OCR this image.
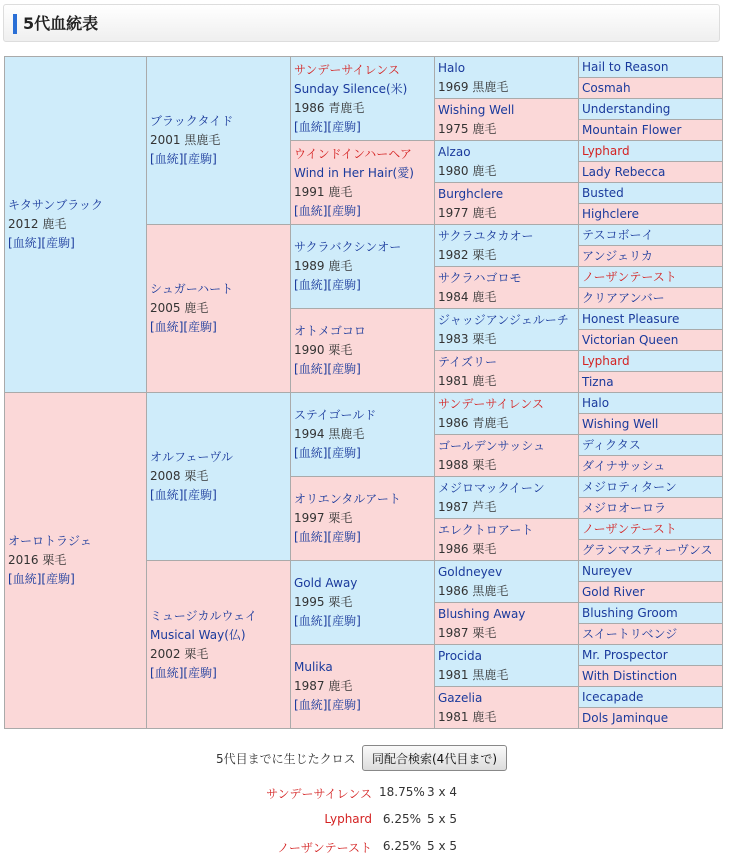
5代血統表
キタサンブラック
2012 鹿毛
[血統][産駒]	ブラックタイド
2001 黒鹿毛
[血統][産駒]	サンデーサイレンス
Sunday Silence(米)
1986 青鹿毛
[血統][産駒]	Halo
1969 黒鹿毛	Hail to Reason
				Cosmah
			Wishing Well
1975 鹿毛	Understanding
				Mountain Flower
		ウインドインハーヘア
Wind in Her Hair(愛)
1991 鹿毛
[血統][産駒]	Alzao
1980 鹿毛	Lyphard
				Lady Rebecca
			Burghclere
1977 鹿毛	Busted
				Highclere
	シュガーハート
2005 鹿毛
[血統][産駒]	サクラバクシンオー
1989 鹿毛
[血統][産駒]	サクラユタカオー
1982 栗毛	テスコボーイ
				アンジェリカ
			サクラハゴロモ
1984 鹿毛	ノーザンテースト
				クリアアンバー
		オトメゴコロ
1990 栗毛
[血統][産駒]	ジャッジアンジェルーチ
1983 栗毛	Honest Pleasure
				Victorian Queen
			テイズリー
1981 鹿毛	Lyphard
				Tizna
オーロトラジェ
2016 栗毛
[血統][産駒]	オルフェーヴル
2008 栗毛
[血統][産駒]	ステイゴールド
1994 黒鹿毛
[血統][産駒]	サンデーサイレンス
1986 青鹿毛	Halo
				Wishing Well
			ゴールデンサッシュ
1988 栗毛	ディクタス
				ダイナサッシュ
		オリエンタルアート
1997 栗毛
[血統][産駒]	メジロマックイーン
1987 芦毛	メジロティターン
				メジロオーロラ
			エレクトロアート
1986 栗毛	ノーザンテースト
				グランマスティーヴンス
	ミュージカルウェイ
Musical Way(仏)
2002 栗毛
[血統][産駒]	Gold Away
1995 栗毛
[血統][産駒]	Goldneyev
1986 黒鹿毛	Nureyev
				Gold River
			Blushing Away
1987 栗毛	Blushing Groom
				スイートリベンジ
		Mulika
1987 鹿毛
[血統][産駒]	Procida
1981 黒鹿毛	Mr. Prospector
				With Distinction
			Gazelia
1981 鹿毛	Icecapade
				Dols Jaminque
5代目までに生じたクロス	同配合検索(4代目まで)
サンデーサイレンス 18.75% 3 x 4
Lyphard 6.25% 5 x 5
ノーザンテースト 6.25% 5 x 5
